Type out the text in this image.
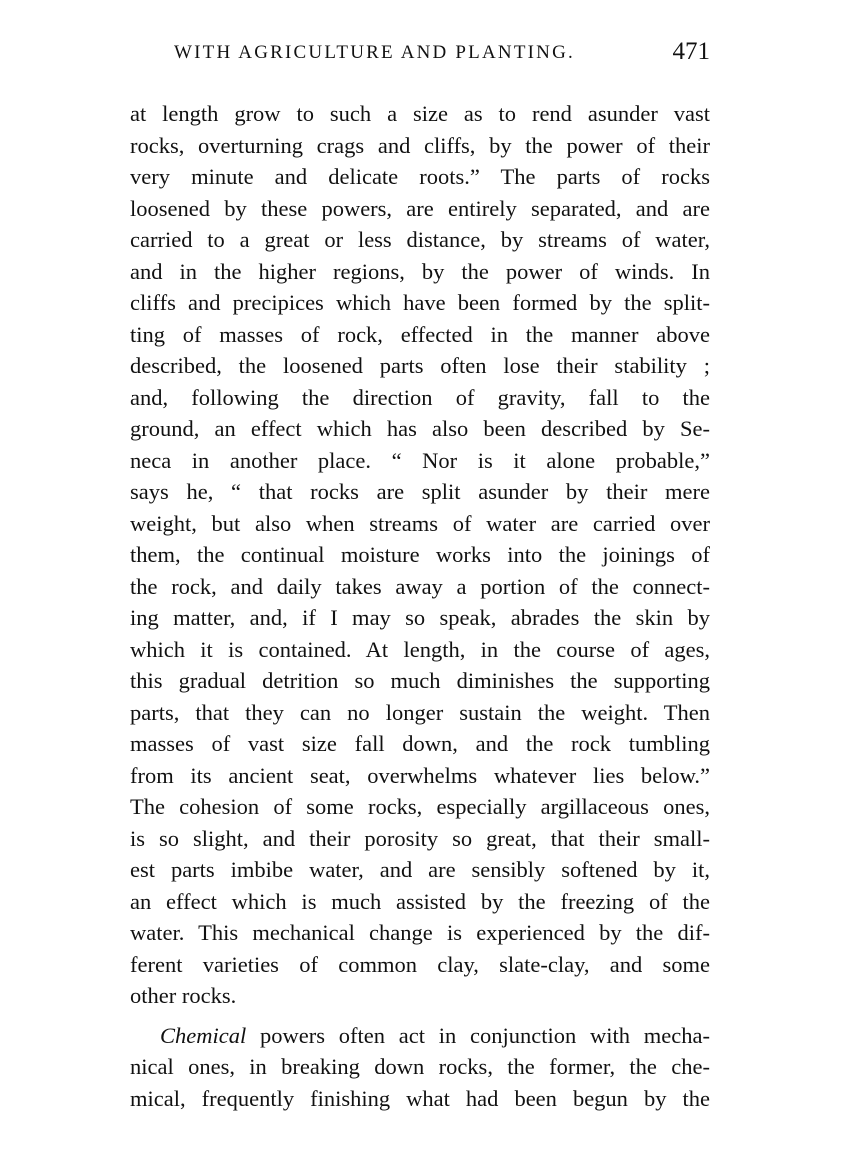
WITH AGRICULTURE AND PLANTING.	471
at length grow to such a size as to rend asunder vast
rocks, overturning crags and cliffs, by the power of their
very minute and delicate roots.” The parts of rocks
loosened by these powers, are entirely separated, and are
carried to a great or less distance, by streams of water,
and in the higher regions, by the power of winds. In
cliffs and precipices which have been formed by the split-
ting of masses of rock, effected in the manner above
described, the loosened parts often lose their stability ;
and, following the direction of gravity, fall to the
ground, an effect which has also been described by Se-
neca in another place. “ Nor is it alone probable,”
says he, “ that rocks are split asunder by their mere
weight, but also when streams of water are carried over
them, the continual moisture works into the joinings of
the rock, and daily takes away a portion of the connect-
ing matter, and, if I may so speak, abrades the skin by
which it is contained. At length, in the course of ages,
this gradual detrition so much diminishes the supporting
parts, that they can no longer sustain the weight. Then
masses of vast size fall down, and the rock tumbling
from its ancient seat, overwhelms whatever lies below.”
The cohesion of some rocks, especially argillaceous ones,
is so slight, and their porosity so great, that their small-
est parts imbibe water, and are sensibly softened by it,
an effect which is much assisted by the freezing of the
water. This mechanical change is experienced by the dif-
ferent varieties of common clay, slate-clay, and some
other rocks.
Chemical powers often act in conjunction with mecha-
nical ones, in breaking down rocks, the former, the che-
mical, frequently finishing what had been begun by the
